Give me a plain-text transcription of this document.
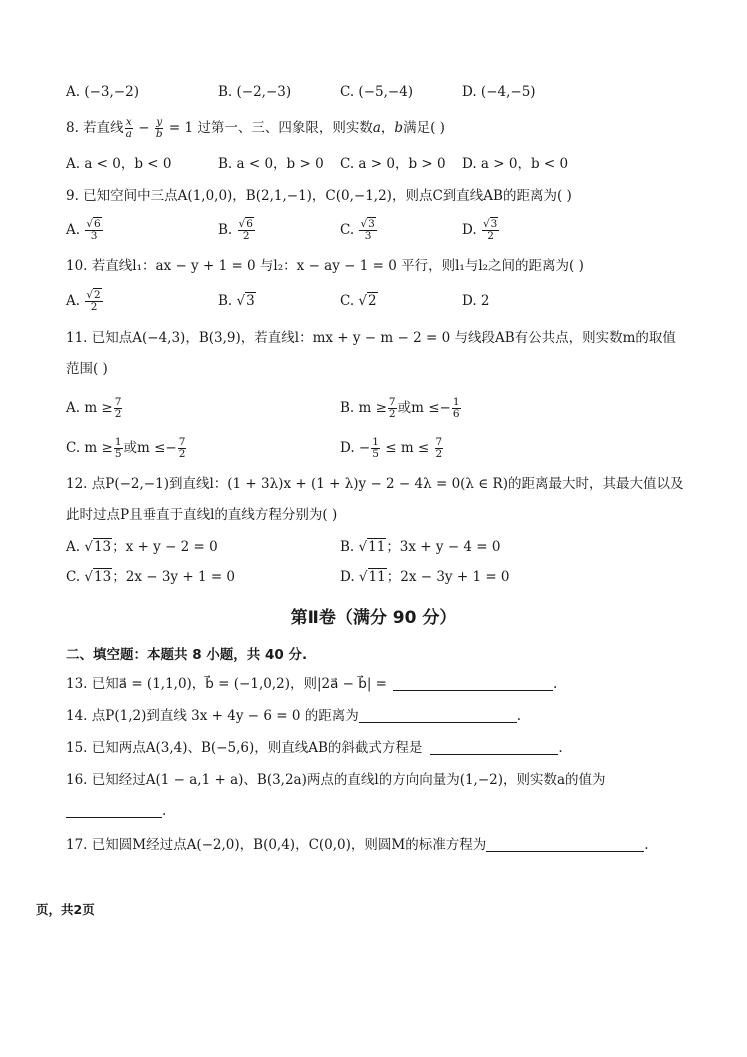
A. (−3,−2)	B. (−2,−3)	C. (−5,−4)	D. (−4,−5)
8. 若直线 $\frac{x}{a} - \frac{y}{b} = 1$ 过第一、三、四象限，则实数a，b满足( )
A. a < 0，b < 0	B. a < 0，b > 0 C. a > 0，b > 0 D. a > 0，b < 0
9. 已知空间中三点A(1,0,0)，B(2,1,−1)，C(0,−1,2)，则点C到直线AB的距离为( )
A. $\frac{√6}{3}$	B. $\frac{√6}{2}$	C. $\frac{√3}{3}$	D. $\frac{√3}{2}$
10. 若直线l₁：ax − y + 1 = 0 与l₂：x − ay − 1 = 0 平行，则l₁与l₂之间的距离为( )
A. $\frac{√2}{2}$	B. √3	C. √2	D. 2
11. 已知点A(−4,3)，B(3,9)，若直线l：mx + y − m − 2 = 0 与线段AB有公共点，则实数m的取值
范围( )
A. $m \ge \frac{7}{2}$	B. $m \ge \frac{7}{2}$ 或$m \le- \frac{1}{6}$
C. $m \ge \frac{1}{5}$ 或$m \le- \frac{7}{2}$	D. − $\frac{1}{5} \le m \le \frac{7}{2}$
12. 点P(−2,−1)到直线l：(1 + 3λ)x + (1 + λ)y − 2 − 4λ = 0(λ ∈ R)的距离最大时，其最大值以及
此时过点P且垂直于直线l的直线方程分别为( )
A. √13；x + y − 2 = 0	B. √11；3x + y − 4 = 0
C. √13；2x − 3y + 1 = 0	D. √11；2x − 3y + 1 = 0
第Ⅱ卷（满分 90 分）
二、填空题：本题共 8 小题，共 40 分.
13. 已知a⃗ = (1,1,0)，b⃗ = (−1,0,2)，则|2a⃗ − b⃗| =	.
14. 点P(1,2)到直线 3x + 4y − 6 = 0 的距离为	.
15. 已知两点A(3,4)、B(−5,6)，则直线AB的斜截式方程是	.
16. 已知经过A(1 − a,1 + a)、B(3,2a)两点的直线l的方向向量为(1,−2)，则实数a的值为
.
17. 已知圆M经过点A(−2,0)，B(0,4)，C(0,0)，则圆M的标准方程为	.
页，共2页
